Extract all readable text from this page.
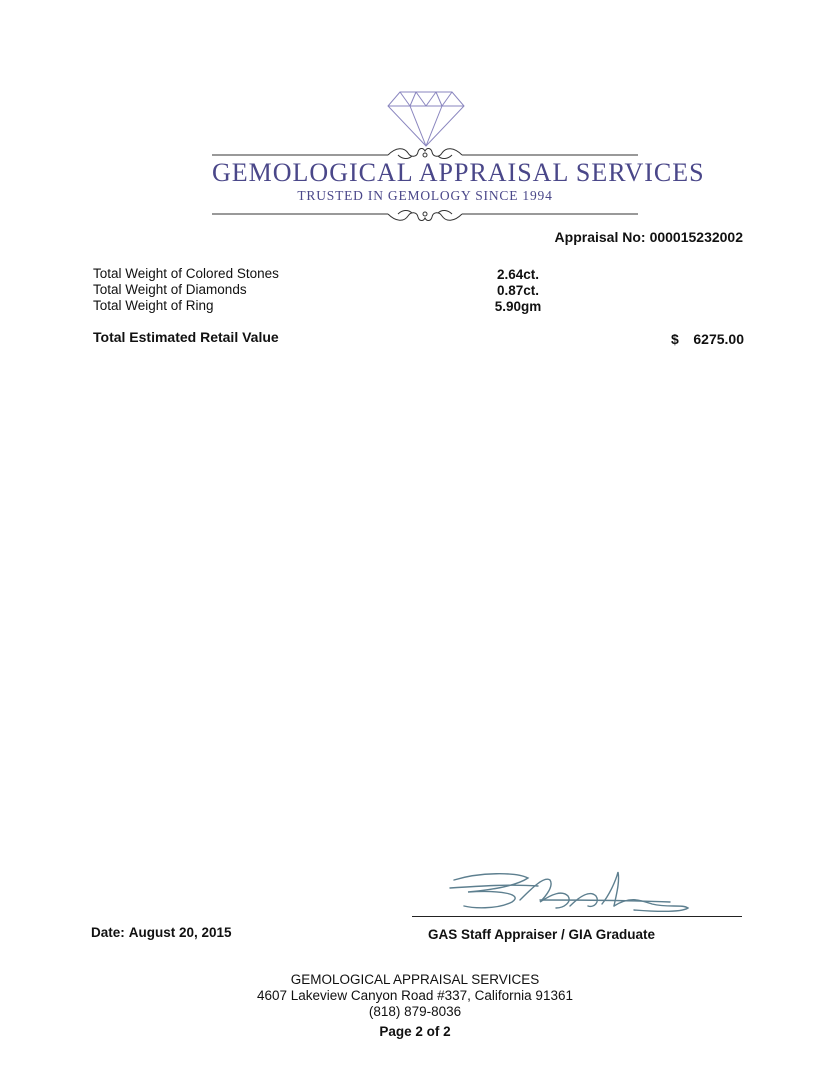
GEMOLOGICAL APPRAISAL SERVICES
TRUSTED IN GEMOLOGY SINCE 1994
Appraisal No: 000015232002
Total Weight of Colored Stones	2.64ct.
Total Weight of Diamonds	0.87ct.
Total Weight of Ring	5.90gm
Total Estimated Retail Value	$ 6275.00
Date: August 20, 2015	GAS Staff Appraiser / GIA Graduate
GEMOLOGICAL APPRAISAL SERVICES
4607 Lakeview Canyon Road #337, California 91361
(818) 879-8036
Page 2 of 2
